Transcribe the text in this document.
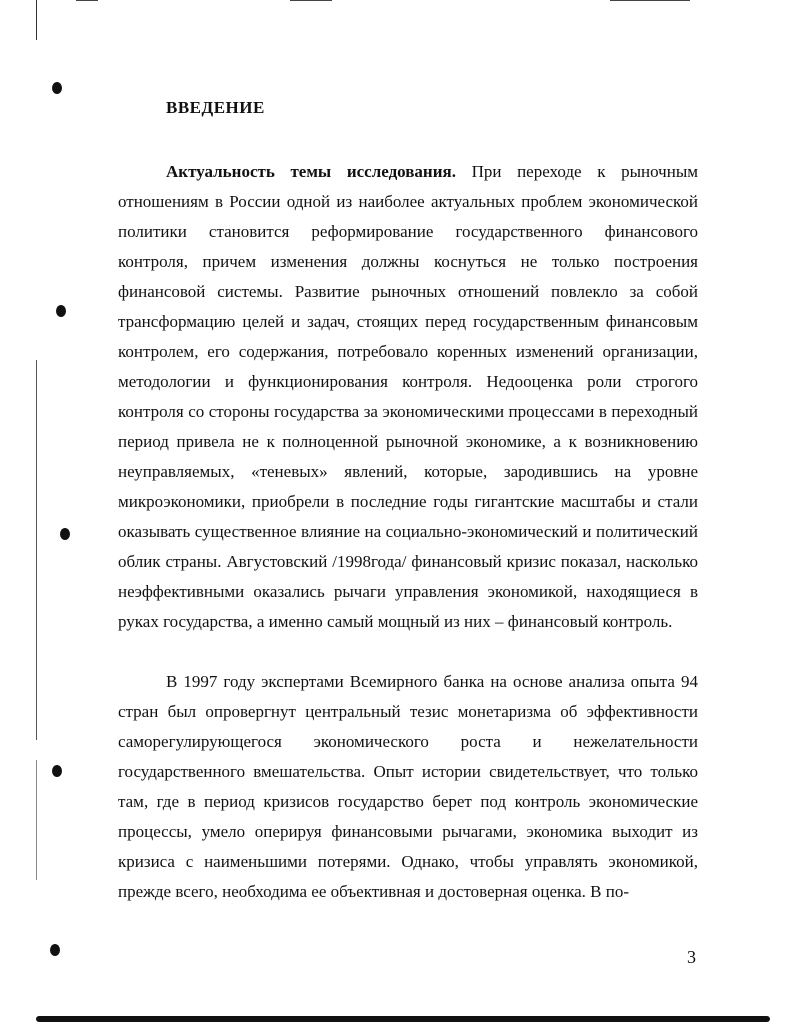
ВВЕДЕНИЕ

Актуальность темы исследования. При переходе к рыночным отношениям в России одной из наиболее актуальных проблем экономической политики становится реформирование государственного финансового контроля, причем изменения должны коснуться не только построения финансовой системы. Развитие рыночных отношений повлекло за собой трансформацию целей и задач, стоящих перед государственным финансовым контролем, его содержания, потребовало коренных изменений организации, методологии и функционирования контроля. Недооценка роли строгого контроля со стороны государства за экономическими процессами в переходный период привела не к полноценной рыночной экономике, а к возникновению неуправляемых, «теневых» явлений, которые, зародившись на уровне микроэкономики, приобрели в последние годы гигантские масштабы и стали оказывать существенное влияние на социально-экономический и политический облик страны. Августовский /1998года/ финансовый кризис показал, насколько неэффективными оказались рычаги управления экономикой, находящиеся в руках государства, а именно самый мощный из них – финансовый контроль.

В 1997 году экспертами Всемирного банка на основе анализа опыта 94 стран был опровергнут центральный тезис монетаризма об эффективности саморегулирующегося экономического роста и нежелательности государственного вмешательства. Опыт истории свидетельствует, что только там, где в период кризисов государство берет под контроль экономические процессы, умело оперируя финансовыми рычагами, экономика выходит из кризиса с наименьшими потерями. Однако, чтобы управлять экономикой, прежде всего, необходима ее объективная и достоверная оценка. В по-

3
